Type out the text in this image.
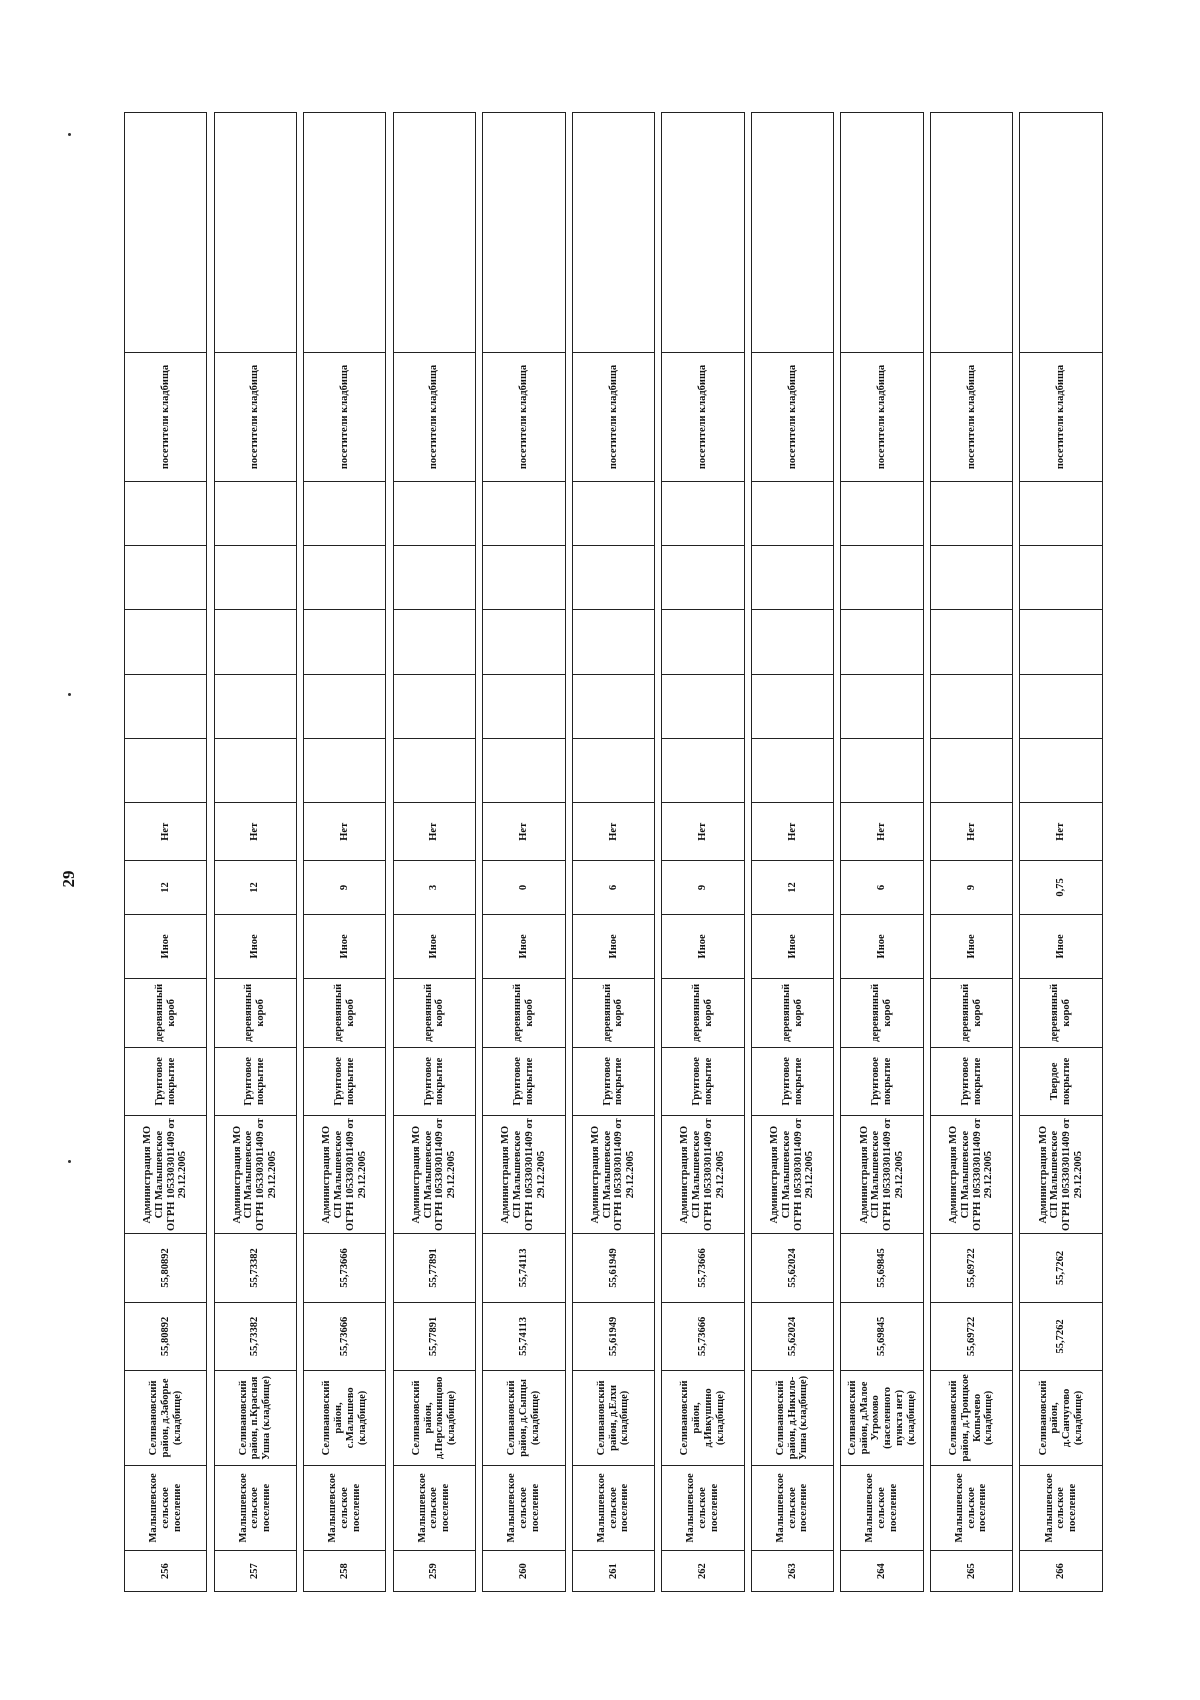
29
256	Малышевское сельское поселение	Селивановский район, д.Заборье (кладбище)	55,80892	55,80892	Администрация МО СП Малышевское ОГРН 1053303011409 от 29.12.2005	Грунтовое покрытие	деревянный короб	Иное	12	Нет						посетители кладбища	

257	Малышевское сельское поселение	Селивановский район, п.Красная Ушна (кладбище)	55,73382	55,73382	Администрация МО СП Малышевское ОГРН 1053303011409 от 29.12.2005	Грунтовое покрытие	деревянный короб	Иное	12	Нет						посетители кладбища	

258	Малышевское сельское поселение	Селивановский район, с.Малышево (кладбище)	55,73666	55,73666	Администрация МО СП Малышевское ОГРН 1053303011409 от 29.12.2005	Грунтовое покрытие	деревянный короб	Иное	9	Нет						посетители кладбища	

259	Малышевское сельское поселение	Селивановский район, д.Перслокинцово (кладбище)	55,77891	55,77891	Администрация МО СП Малышевское ОГРН 1053303011409 от 29.12.2005	Грунтовое покрытие	деревянный короб	Иное	3	Нет						посетители кладбища	

260	Малышевское сельское поселение	Селивановский район, д.Сыпцы (кладбище)	55,74113	55,74113	Администрация МО СП Малышевское ОГРН 1053303011409 от 29.12.2005	Грунтовое покрытие	деревянный короб	Иное	0	Нет						посетители кладбища	

261	Малышевское сельское поселение	Селивановский район, д.Елхи (кладбище)	55,61949	55,61949	Администрация МО СП Малышевское ОГРН 1053303011409 от 29.12.2005	Грунтовое покрытие	деревянный короб	Иное	6	Нет						посетители кладбища	

262	Малышевское сельское поселение	Селивановский район, д.Ивкушино (кладбище)	55,73666	55,73666	Администрация МО СП Малышевское ОГРН 1053303011409 от 29.12.2005	Грунтовое покрытие	деревянный короб	Иное	9	Нет						посетители кладбища	

263	Малышевское сельское поселение	Селивановский район, д.Никило-Ушна (кладбище)	55,62024	55,62024	Администрация МО СП Малышевское ОГРН 1053303011409 от 29.12.2005	Грунтовое покрытие	деревянный короб	Иное	12	Нет						посетители кладбища	

264	Малышевское сельское поселение	Селивановский район, д.Малое Угромово (населенного пункта нет) (кладбище)	55,69845	55,69845	Администрация МО СП Малышевское ОГРН 1053303011409 от 29.12.2005	Грунтовое покрытие	деревянный короб	Иное	6	Нет						посетители кладбища	

265	Малышевское сельское поселение	Селивановский район, д.Троицкое Копычево (кладбище)	55,69722	55,69722	Администрация МО СП Малышевское ОГРН 1053303011409 от 29.12.2005	Грунтовое покрытие	деревянный короб	Иное	9	Нет						посетители кладбища	

266	Малышевское сельское поселение	Селивановский район, д.Санчугово (кладбище)	55,7262	55,7262	Администрация МО СП Малышевское ОГРН 1053303011409 от 29.12.2005	Твердое покрытие	деревянный короб	Иное	0,75	Нет						посетители кладбища	
